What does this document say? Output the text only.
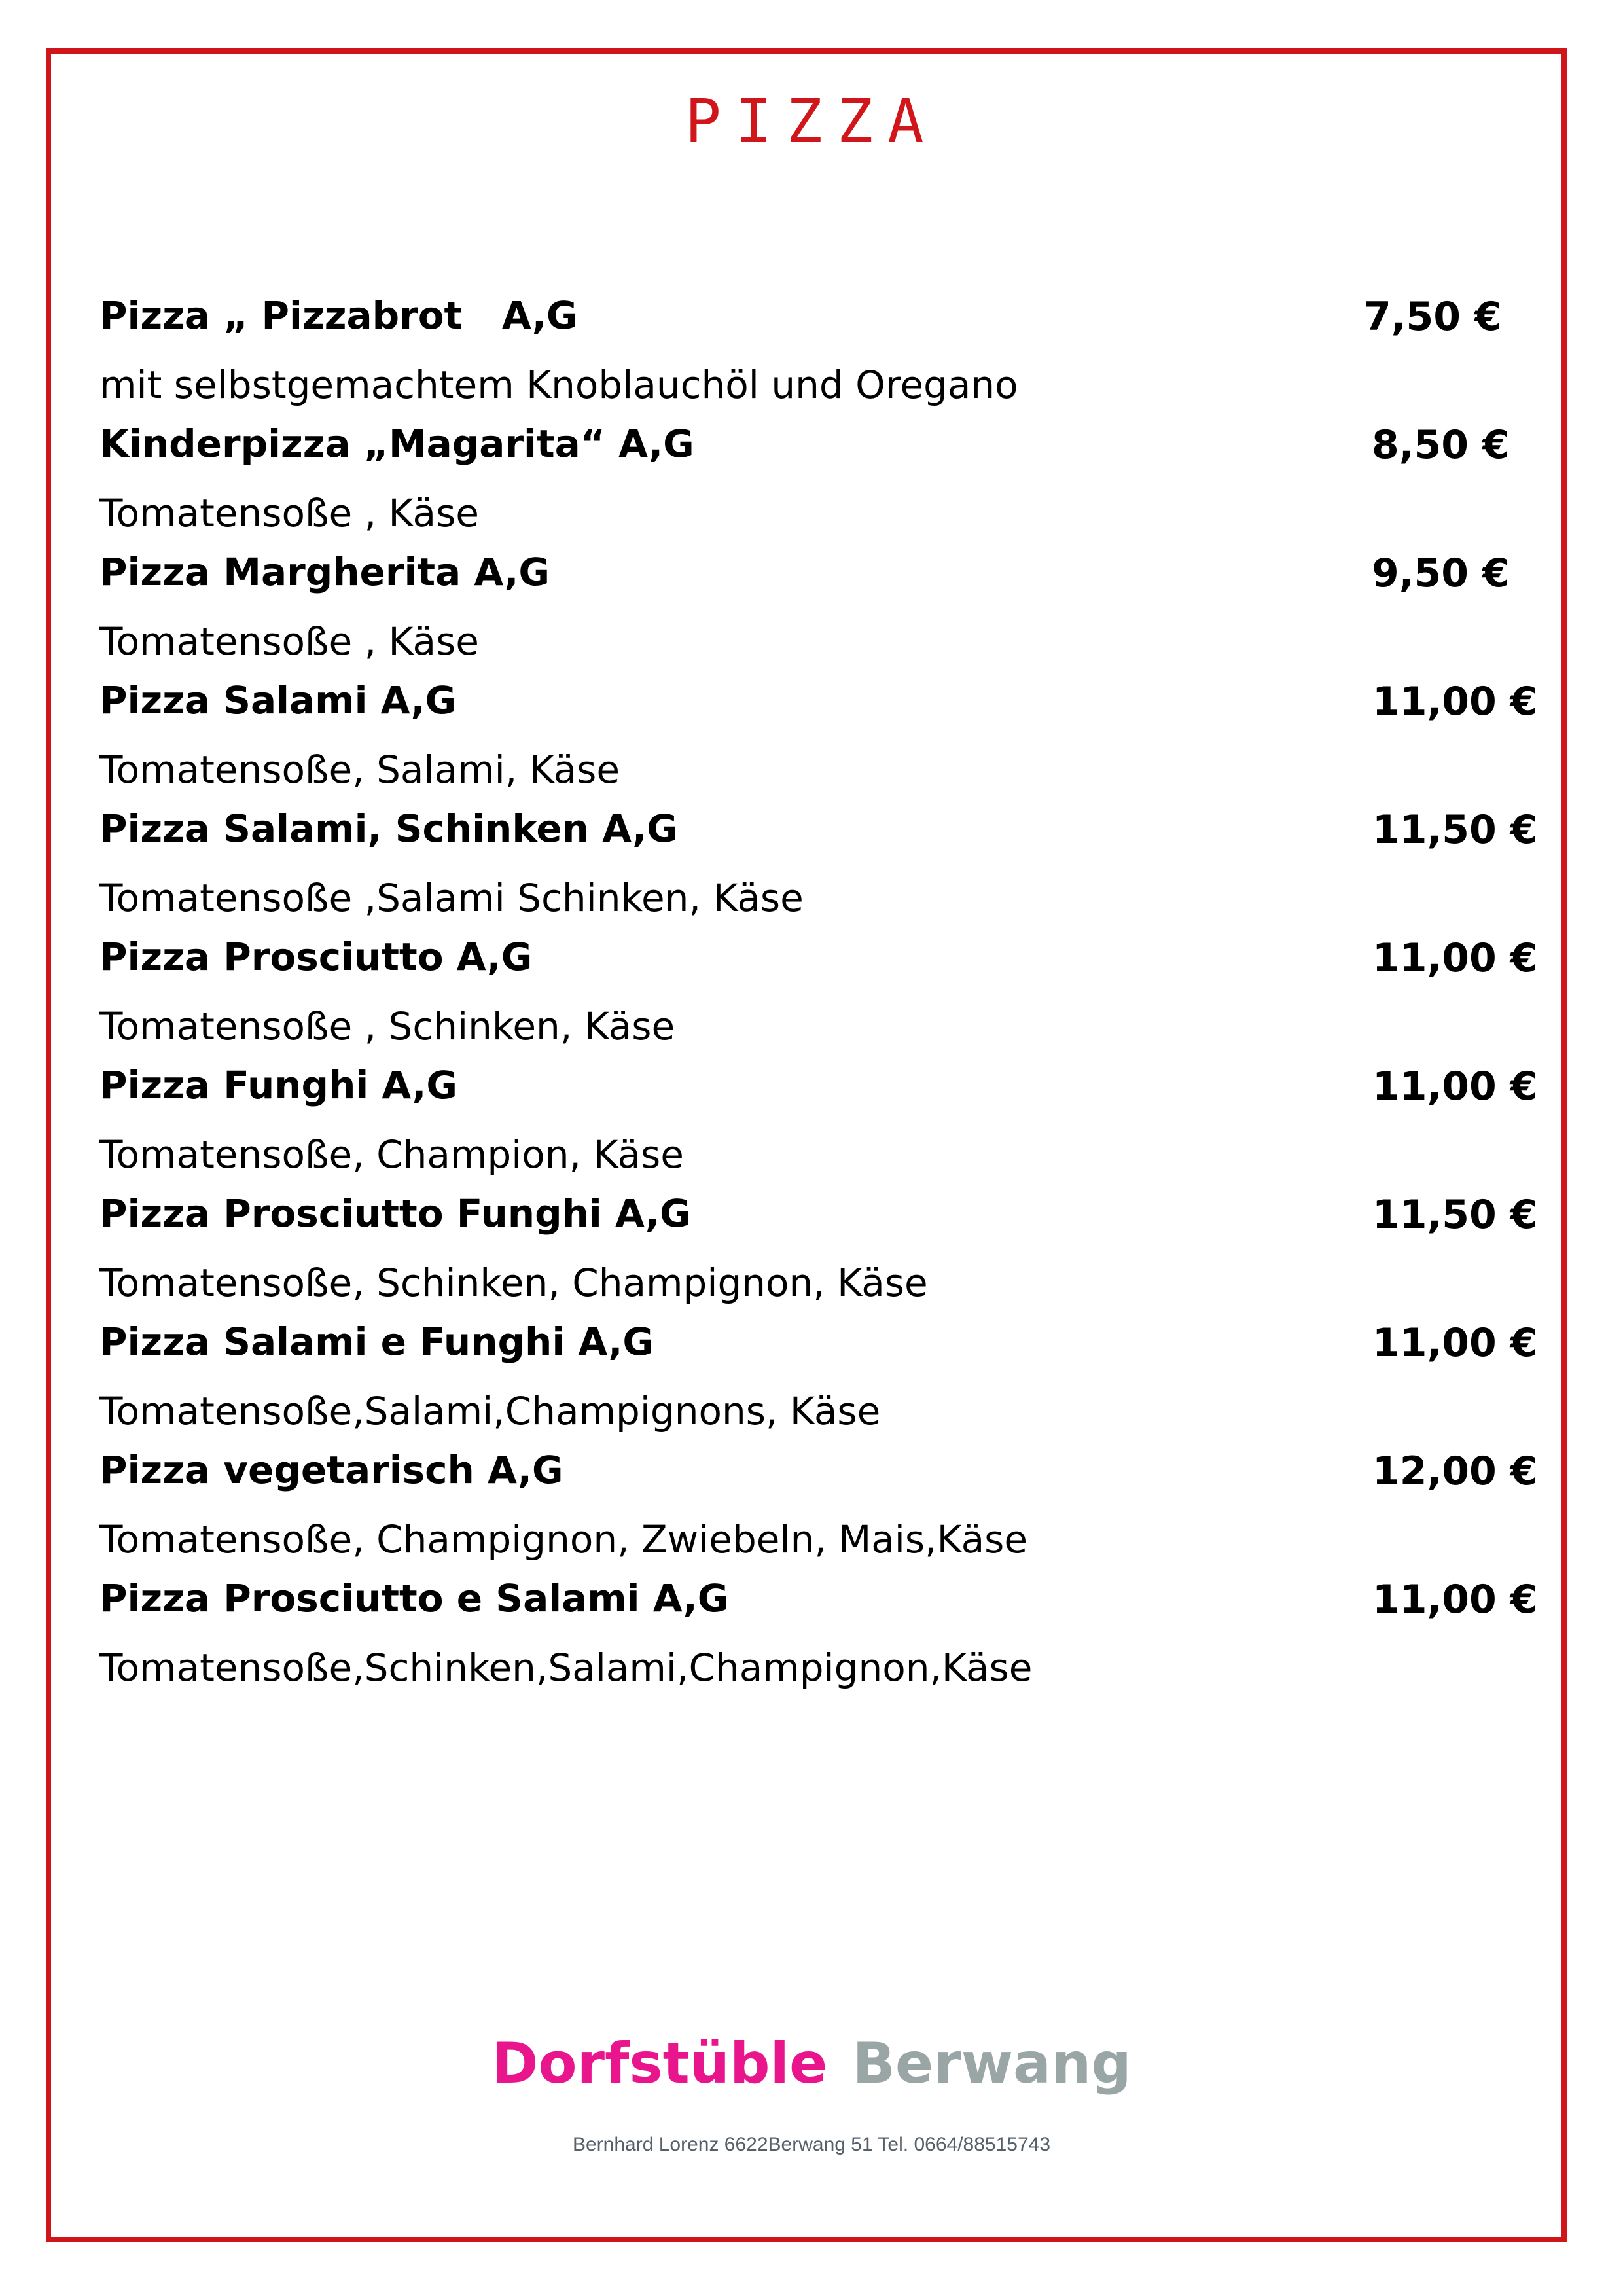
PIZZA
Pizza „ Pizzabrot   A,G	7,50 €
mit selbstgemachtem Knoblauchöl und Oregano
Kinderpizza „Magarita“ A,G	8,50 €
Tomatensoße , Käse
Pizza Margherita A,G	9,50 €
Tomatensoße , Käse
Pizza Salami A,G	11,00 €
Tomatensoße, Salami, Käse
Pizza Salami, Schinken A,G	11,50 €
Tomatensoße ,Salami Schinken, Käse
Pizza Prosciutto A,G	11,00 €
Tomatensoße , Schinken, Käse
Pizza Funghi A,G	11,00 €
Tomatensoße, Champion, Käse
Pizza Prosciutto Funghi A,G	11,50 €
Tomatensoße, Schinken, Champignon, Käse
Pizza Salami e Funghi A,G	11,00 €
Tomatensoße,Salami,Champignons, Käse
Pizza vegetarisch A,G	12,00 €
Tomatensoße, Champignon, Zwiebeln, Mais,Käse
Pizza Prosciutto e Salami A,G	11,00 €
Tomatensoße,Schinken,Salami,Champignon,Käse
Dorfstüble Berwang
Bernhard Lorenz 6622Berwang 51 Tel. 0664/88515743
